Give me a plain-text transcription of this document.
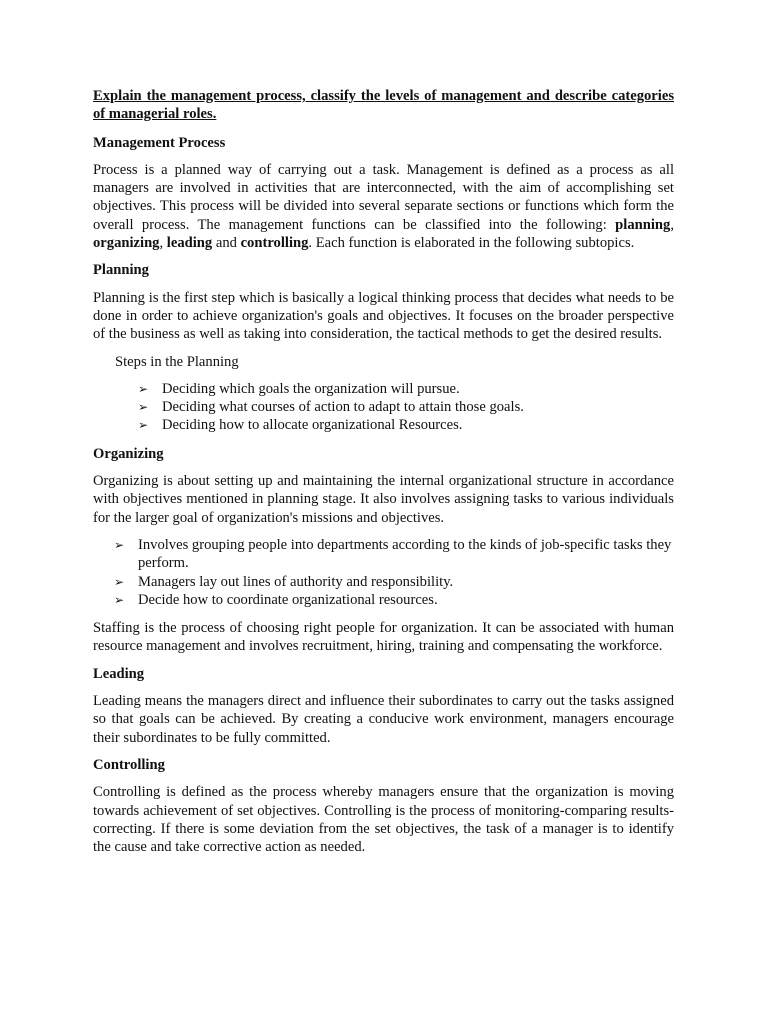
Explain the management process, classify the levels of management and describe categories of managerial roles.

Management Process

Process is a planned way of carrying out a task. Management is defined as a process as all managers are involved in activities that are interconnected, with the aim of accomplishing set objectives. This process will be divided into several separate sections or functions which form the overall process. The management functions can be classified into the following: planning, organizing, leading and controlling. Each function is elaborated in the following subtopics.

Planning

Planning is the first step which is basically a logical thinking process that decides what needs to be done in order to achieve organization's goals and objectives. It focuses on the broader perspective of the business as well as taking into consideration, the tactical methods to get the desired results.

Steps in the Planning

➢ Deciding which goals the organization will pursue.
➢ Deciding what courses of action to adapt to attain those goals.
➢ Deciding how to allocate organizational Resources.

Organizing

Organizing is about setting up and maintaining the internal organizational structure in accordance with objectives mentioned in planning stage. It also involves assigning tasks to various individuals for the larger goal of organization's missions and objectives.

➢ Involves grouping people into departments according to the kinds of job-specific tasks they perform.
➢ Managers lay out lines of authority and responsibility.
➢ Decide how to coordinate organizational resources.

Staffing is the process of choosing right people for organization. It can be associated with human resource management and involves recruitment, hiring, training and compensating the workforce.

Leading

Leading means the managers direct and influence their subordinates to carry out the tasks assigned so that goals can be achieved. By creating a conducive work environment, managers encourage their subordinates to be fully committed.

Controlling

Controlling is defined as the process whereby managers ensure that the organization is moving towards achievement of set objectives. Controlling is the process of monitoring-comparing results-correcting. If there is some deviation from the set objectives, the task of a manager is to identify the cause and take corrective action as needed.
